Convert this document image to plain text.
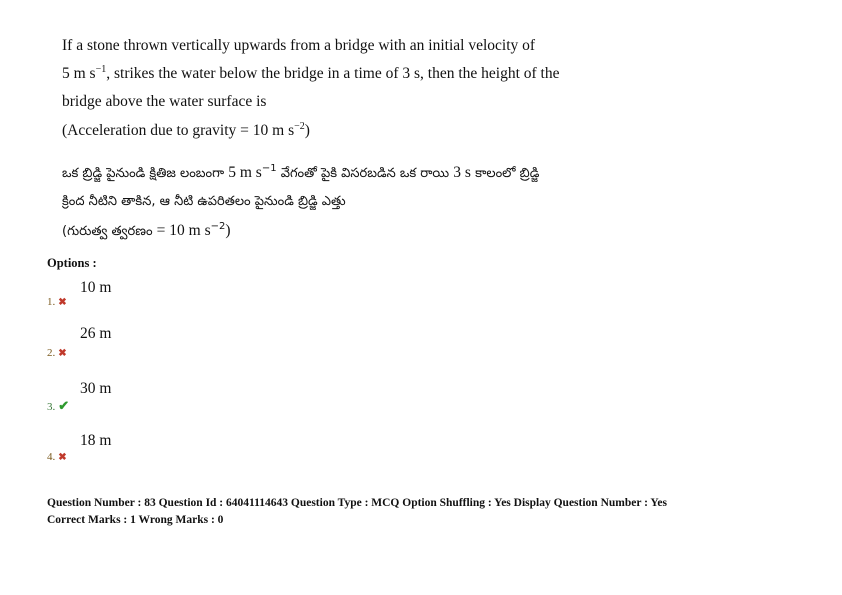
If a stone thrown vertically upwards from a bridge with an initial velocity of
5 m $s^{-1}$, strikes the water below the bridge in a time of 3 s, then the height of the
bridge above the water surface is
(Acceleration due to gravity = 10 m $s^{-2}$)
ఒక బ్రిడ్జి పైనుండి క్షితిజ లంబంగా 5 m $s^{-1}$ వేగంతో పైకి విసరబడిన ఒక రాయి 3 s కాలంలో బ్రిడ్జి
క్రింద నీటిని తాకిన, ఆ నీటి ఉపరితలం పైనుండి బ్రిడ్జి ఎత్తు
(గురుత్వ త్వరణం = 10 m $s^{-2}$)
Options :
10 m
1. ✖
26 m
2. ✖
30 m
3. ✔
18 m
4. ✖
Question Number : 83 Question Id : 64041114643 Question Type : MCQ Option Shuffling : Yes Display Question Number : Yes
Correct Marks : 1 Wrong Marks : 0
